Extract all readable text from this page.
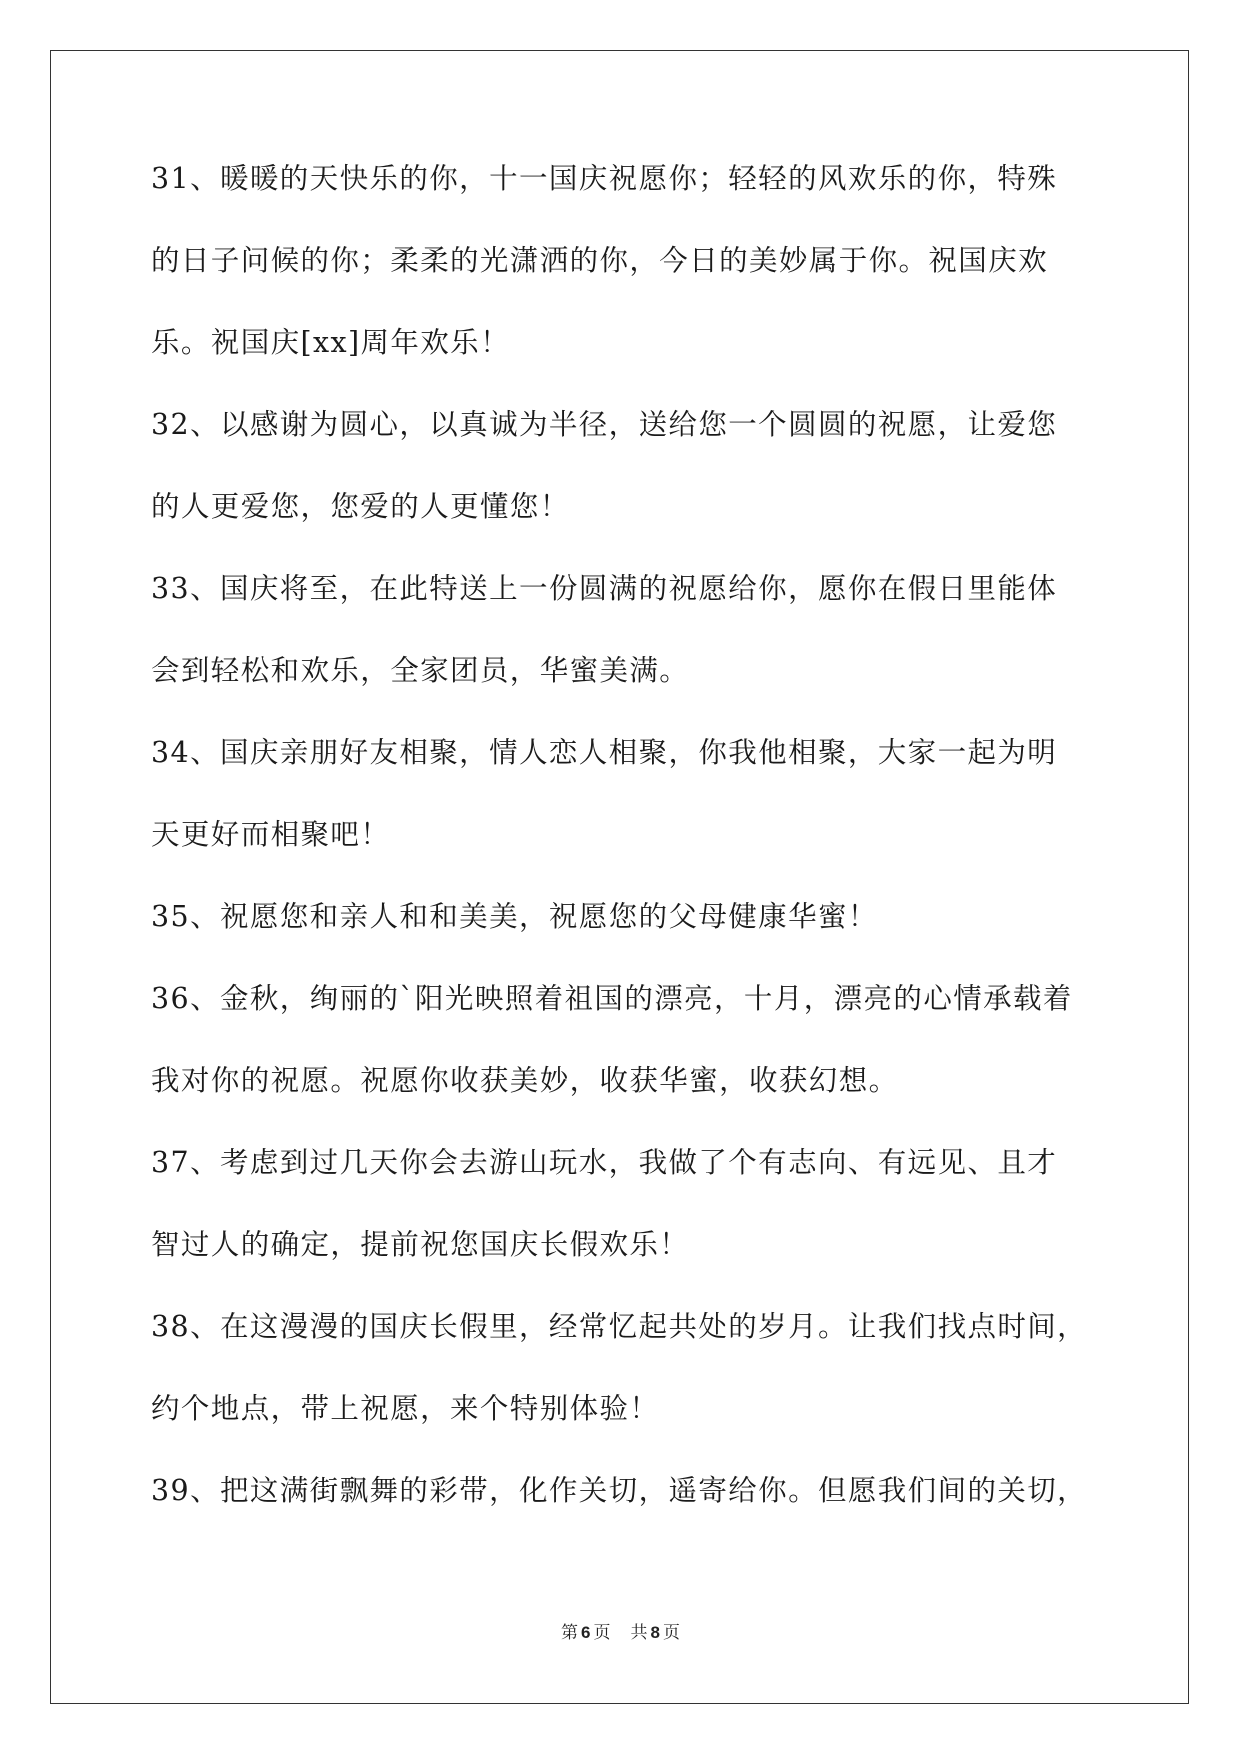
31、暖暖的天快乐的你，十一国庆祝愿你；轻轻的风欢乐的你，特殊
的日子问候的你；柔柔的光潇洒的你，今日的美妙属于你。祝国庆欢
乐。祝国庆[xx]周年欢乐！
32、以感谢为圆心，以真诚为半径，送给您一个圆圆的祝愿，让爱您
的人更爱您，您爱的人更懂您！
33、国庆将至，在此特送上一份圆满的祝愿给你，愿你在假日里能体
会到轻松和欢乐，全家团员，华蜜美满。
34、国庆亲朋好友相聚，情人恋人相聚，你我他相聚，大家一起为明
天更好而相聚吧！
35、祝愿您和亲人和和美美，祝愿您的父母健康华蜜！
36、金秋，绚丽的`阳光映照着祖国的漂亮，十月，漂亮的心情承载着
我对你的祝愿。祝愿你收获美妙，收获华蜜，收获幻想。
37、考虑到过几天你会去游山玩水，我做了个有志向、有远见、且才
智过人的确定，提前祝您国庆长假欢乐！
38、在这漫漫的国庆长假里，经常忆起共处的岁月。让我们找点时间，
约个地点，带上祝愿，来个特别体验！
39、把这满街飘舞的彩带，化作关切，遥寄给你。但愿我们间的关切，
第 6 页 共 8 页
